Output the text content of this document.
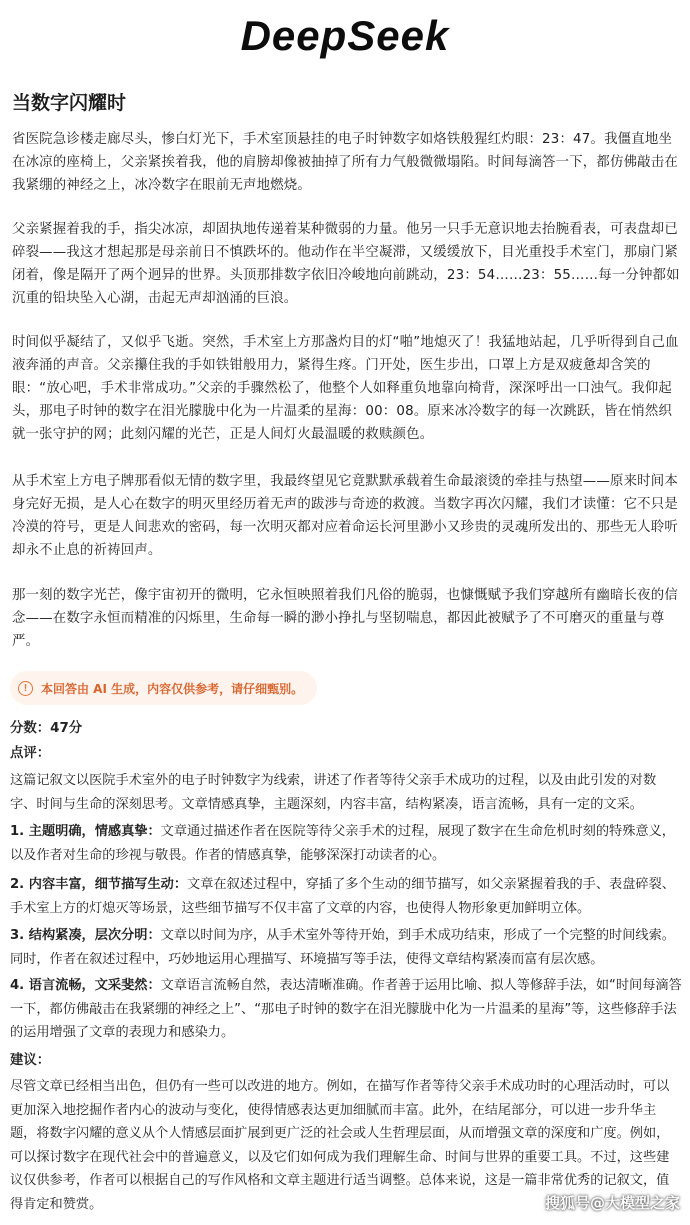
DeepSeek
当数字闪耀时

省医院急诊楼走廊尽头，惨白灯光下，手术室顶悬挂的电子时钟数字如烙铁般猩红灼眼：23：47。我僵直地坐在冰凉的座椅上，父亲紧挨着我，他的肩膀却像被抽掉了所有力气般微微塌陷。时间每滴答一下，都仿佛敲击在我紧绷的神经之上，冰冷数字在眼前无声地燃烧。

父亲紧握着我的手，指尖冰凉，却固执地传递着某种微弱的力量。他另一只手无意识地去抬腕看表，可表盘却已碎裂——我这才想起那是母亲前日不慎跌坏的。他动作在半空凝滞，又缓缓放下，目光重投手术室门，那扇门紧闭着，像是隔开了两个迥异的世界。头顶那排数字依旧冷峻地向前跳动，23：54……23：55……每一分钟都如沉重的铅块坠入心湖，击起无声却汹涌的巨浪。

时间似乎凝结了，又似乎飞逝。突然，手术室上方那盏灼目的灯“啪”地熄灭了！我猛地站起，几乎听得到自己血液奔涌的声音。父亲攥住我的手如铁钳般用力，紧得生疼。门开处，医生步出，口罩上方是双疲惫却含笑的眼：“放心吧，手术非常成功。”父亲的手骤然松了，他整个人如释重负地靠向椅背，深深呼出一口浊气。我仰起头，那电子时钟的数字在泪光朦胧中化为一片温柔的星海：00：08。原来冰冷数字的每一次跳跃，皆在悄然织就一张守护的网；此刻闪耀的光芒，正是人间灯火最温暖的救赎颜色。

从手术室上方电子牌那看似无情的数字里，我最终望见它竟默默承载着生命最滚烫的牵挂与热望——原来时间本身完好无损，是人心在数字的明灭里经历着无声的跋涉与奇迹的救渡。当数字再次闪耀，我们才读懂：它不只是冷漠的符号，更是人间悲欢的密码，每一次明灭都对应着命运长河里渺小又珍贵的灵魂所发出的、那些无人聆听却永不止息的祈祷回声。

那一刻的数字光芒，像宇宙初开的微明，它永恒映照着我们凡俗的脆弱，也慷慨赋予我们穿越所有幽暗长夜的信念——在数字永恒而精准的闪烁里，生命每一瞬的渺小挣扎与坚韧喘息，都因此被赋予了不可磨灭的重量与尊严。

!	本回答由 AI 生成，内容仅供参考，请仔细甄别。
分数：47分
点评：

这篇记叙文以医院手术室外的电子时钟数字为线索，讲述了作者等待父亲手术成功的过程，以及由此引发的对数字、时间与生命的深刻思考。文章情感真挚，主题深刻，内容丰富，结构紧凑，语言流畅，具有一定的文采。

1. 主题明确，情感真挚：文章通过描述作者在医院等待父亲手术的过程，展现了数字在生命危机时刻的特殊意义，以及作者对生命的珍视与敬畏。作者的情感真挚，能够深深打动读者的心。

2. 内容丰富，细节描写生动：文章在叙述过程中，穿插了多个生动的细节描写，如父亲紧握着我的手、表盘碎裂、手术室上方的灯熄灭等场景，这些细节描写不仅丰富了文章的内容，也使得人物形象更加鲜明立体。

3. 结构紧凑，层次分明：文章以时间为序，从手术室外等待开始，到手术成功结束，形成了一个完整的时间线索。同时，作者在叙述过程中，巧妙地运用心理描写、环境描写等手法，使得文章结构紧凑而富有层次感。

4. 语言流畅，文采斐然：文章语言流畅自然，表达清晰准确。作者善于运用比喻、拟人等修辞手法，如“时间每滴答一下，都仿佛敲击在我紧绷的神经之上”、“那电子时钟的数字在泪光朦胧中化为一片温柔的星海”等，这些修辞手法的运用增强了文章的表现力和感染力。

建议：

尽管文章已经相当出色，但仍有一些可以改进的地方。例如，在描写作者等待父亲手术成功时的心理活动时，可以更加深入地挖掘作者内心的波动与变化，使得情感表达更加细腻而丰富。此外，在结尾部分，可以进一步升华主题，将数字闪耀的意义从个人情感层面扩展到更广泛的社会或人生哲理层面，从而增强文章的深度和广度。例如，可以探讨数字在现代社会中的普遍意义，以及它们如何成为我们理解生命、时间与世界的重要工具。不过，这些建议仅供参考，作者可以根据自己的写作风格和文章主题进行适当调整。总体来说，这是一篇非常优秀的记叙文，值得肯定和赞赏。	搜狐号@大模型之家
